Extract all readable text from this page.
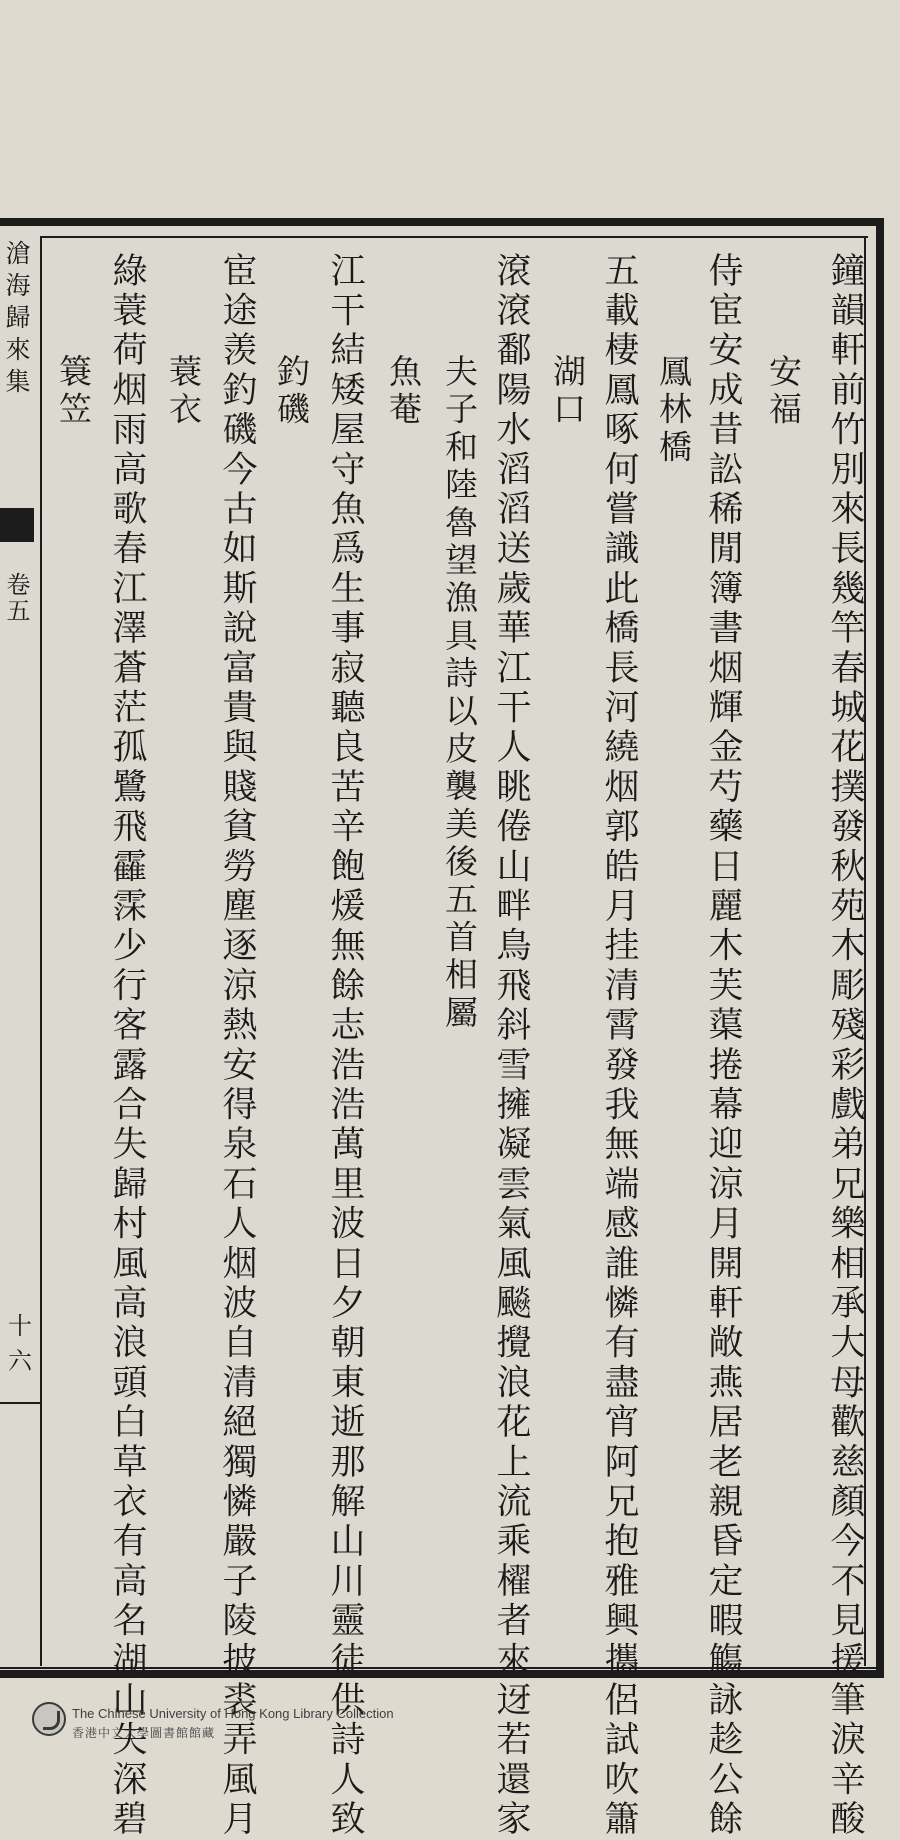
滄海歸來集
卷五
十六	鐘韻軒前竹別來長幾竿春城花撲發秋苑木彫殘彩戲弟兄樂相承大母歡慈顏今不見援筆淚辛酸
安福
侍宦安成昔訟稀閒簿書烟輝金芍藥日麗木芙蕖捲幕迎涼月開軒敞燕居老親昏定暇觴詠趁公餘
鳳林橋
五載棲鳳啄何嘗識此橋長河繞烟郭皓月挂清霄發我無端感誰憐有盡宵阿兄抱雅興攜侶試吹簫
湖口
滾滾鄱陽水滔滔送歲華江干人眺倦山畔鳥飛斜雪擁凝雲氣風飈攪浪花上流乘櫂者來迓若還家
夫子和陸魯望漁具詩以皮襲美後五首相屬
魚菴
江干結矮屋守魚爲生事寂聽良苦辛飽煖無餘志浩浩萬里波日夕朝東逝那解山川靈徒供詩人致
釣磯
宦途羡釣磯今古如斯說富貴與賤貧勞塵逐涼熱安得泉石人烟波自清絕獨憐嚴子陵披裘弄風月
蓑衣
綠蓑荷烟雨高歌春江澤蒼茫孤鷺飛靃霂少行客露合失歸村風高浪頭白草衣有高名湖山失深碧
簑笠
The Chinese University of Hong Kong Library Collection
香港中文大學圖書館館藏
